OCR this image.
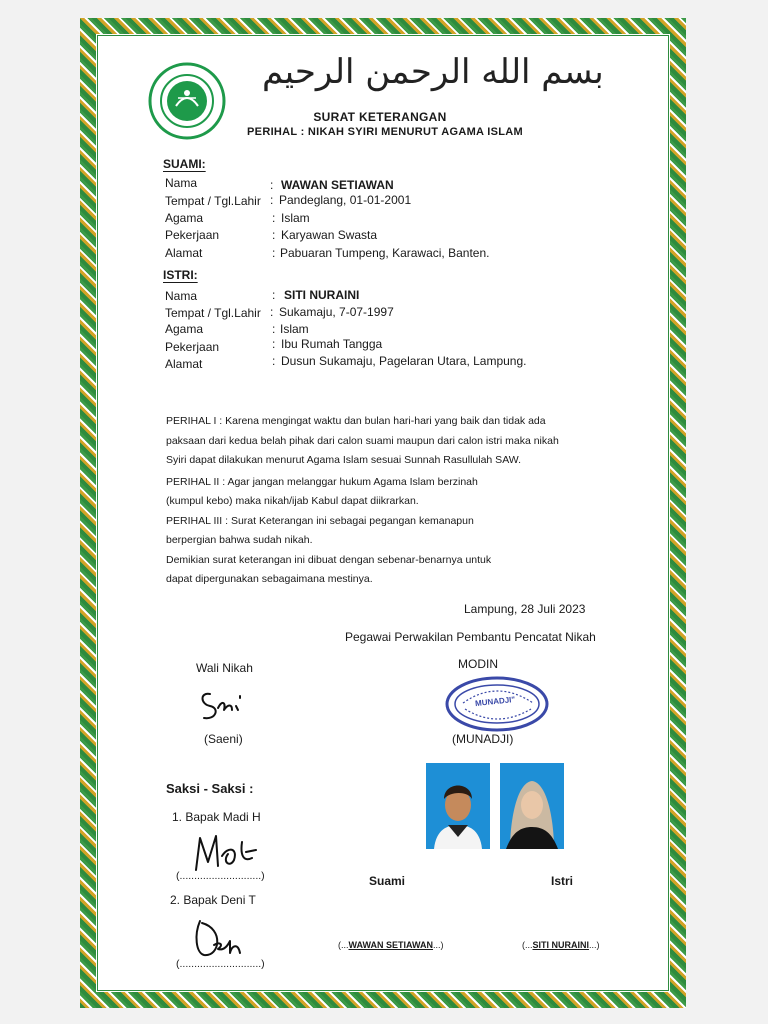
بسم الله الرحمن الرحيم
SURAT KETERANGAN
PERIHAL : NIKAH SYIRI MENURUT AGAMA ISLAM
SUAMI:
Nama	: WAWAN SETIAWAN
Tempat / Tgl.Lahir : Pandeglang, 01-01-2001
Agama	: Islam
Pekerjaan	: Karyawan Swasta
Alamat	: Pabuaran Tumpeng, Karawaci, Banten.
ISTRI:
Nama	: SITI NURAINI
Tempat / Tgl.Lahir : Sukamaju, 7-07-1997
Agama	: Islam
Pekerjaan	: Ibu Rumah Tangga
Alamat	: Dusun Sukamaju, Pagelaran Utara, Lampung.
PERIHAL I : Karena mengingat waktu dan bulan hari-hari yang baik dan tidak ada
paksaan dari kedua belah pihak dari calon suami maupun dari calon istri maka nikah
Syiri dapat dilakukan menurut Agama Islam sesuai Sunnah Rasullulah SAW.
PERIHAL II : Agar jangan melanggar hukum Agama Islam berzinah
(kumpul kebo) maka nikah/ijab Kabul dapat diikrarkan.
PERIHAL III : Surat Keterangan ini sebagai pegangan kemanapun
berpergian bahwa sudah nikah.
Demikian surat keterangan ini dibuat dengan sebenar-benarnya untuk
dapat dipergunakan sebagaimana mestinya.
Lampung, 28 Juli 2023
Pegawai Perwakilan Pembantu Pencatat Nikah
Wali Nikah	MODIN
MUNADJI"
(Saeni)	(MUNADJI)
Saksi - Saksi :
1. Bapak Madi H
(............................)
2. Bapak Deni T
(............................)
Suami	Istri
(...WAWAN SETIAWAN...)	(...SITI NURAINI...)
